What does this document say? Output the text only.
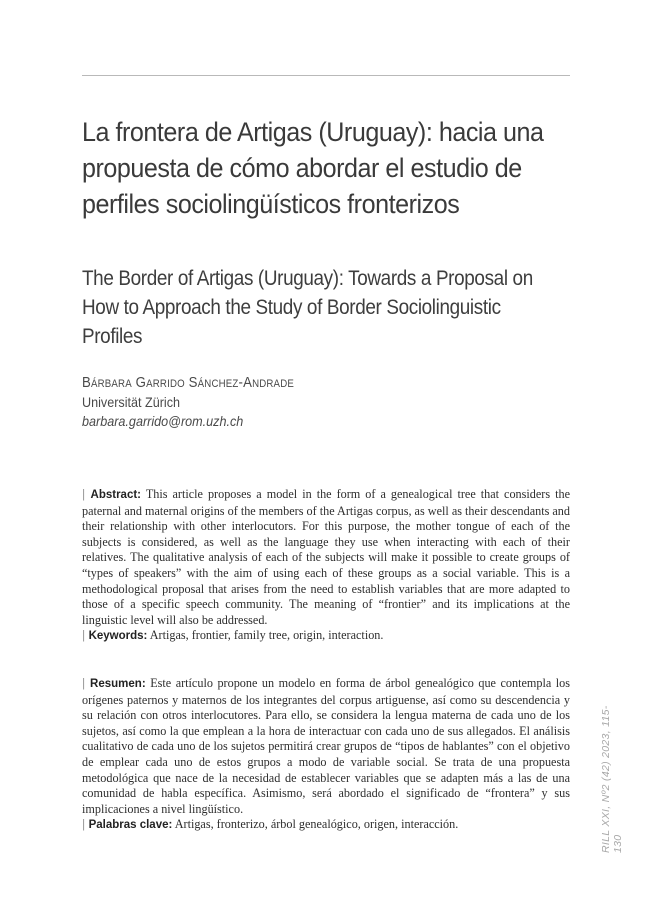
La frontera de Artigas (Uruguay): hacia una propuesta de cómo abordar el estudio de perfiles sociolingüísticos fronterizos
The Border of Artigas (Uruguay): Towards a Proposal on How to Approach the Study of Border Sociolinguistic Profiles
Bárbara Garrido Sánchez-Andrade
Universität Zürich
barbara.garrido@rom.uzh.ch
| Abstract: This article proposes a model in the form of a genealogical tree that considers the paternal and maternal origins of the members of the Artigas corpus, as well as their descendants and their relationship with other interlocutors. For this purpose, the mother tongue of each of the subjects is considered, as well as the language they use when interacting with each of their relatives. The qualitative analysis of each of the subjects will make it possible to create groups of “types of speakers” with the aim of using each of these groups as a social variable. This is a methodological proposal that arises from the need to establish variables that are more adapted to those of a specific speech community. The meaning of “frontier” and its implications at the linguistic level will also be addressed.
| Keywords: Artigas, frontier, family tree, origin, interaction.
| Resumen: Este artículo propone un modelo en forma de árbol genealógico que contempla los orígenes paternos y maternos de los integrantes del corpus artiguense, así como su descendencia y su relación con otros interlocutores. Para ello, se considera la lengua materna de cada uno de los sujetos, así como la que emplean a la hora de interactuar con cada uno de sus allegados. El análisis cualitativo de cada uno de los sujetos permitirá crear grupos de “tipos de hablantes” con el objetivo de emplear cada uno de estos grupos a modo de variable social. Se trata de una propuesta metodológica que nace de la necesidad de establecer variables que se adapten más a las de una comunidad de habla específica. Asimismo, será abordado el significado de “frontera” y sus implicaciones a nivel lingüístico.
| Palabras clave: Artigas, fronterizo, árbol genealógico, origen, interacción.	RILL XXI, Nº2 (42) 2023, 115-130
